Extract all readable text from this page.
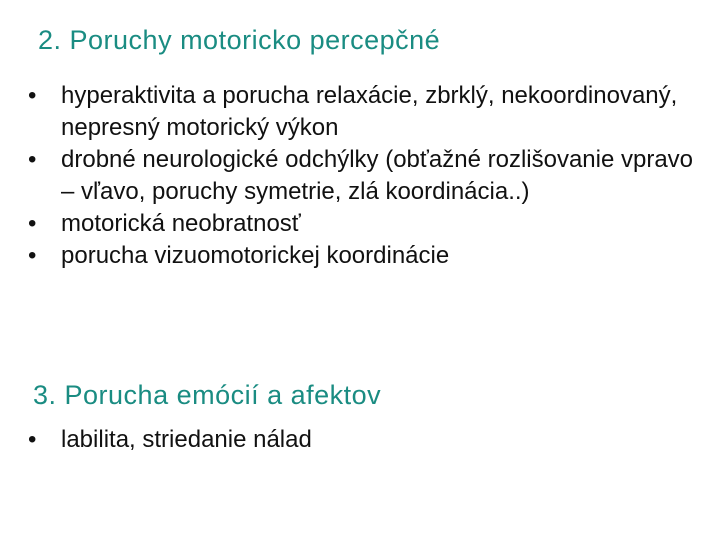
2. Poruchy motoricko percepčné
• hyperaktivita a porucha relaxácie, zbrklý, nekoordinovaný, nepresný motorický výkon
• drobné neurologické odchýlky (obťažné rozlišovanie vpravo – vľavo, poruchy symetrie, zlá koordinácia..)
• motorická neobratnosť
• porucha vizuomotorickej koordinácie
3. Porucha emócií a afektov
• labilita, striedanie nálad
